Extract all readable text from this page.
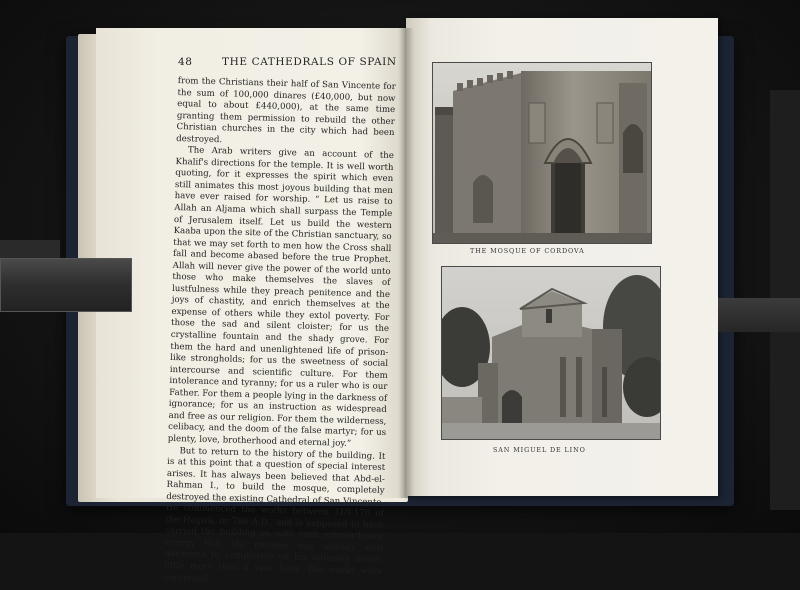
48	THE CATHEDRALS OF SPAIN

from the Christians their half of San Vincente for the sum of 100,000 dinares (£40,000, but now equal to about £440,000), at the same time granting them permission to rebuild the other Christian churches in the city which had been destroyed.

The Arab writers give an account of the Khalif's directions for the temple. It is well worth quoting, for it expresses the spirit which even still animates this most joyous building that men have ever raised for worship. “ Let us raise to Allah an Aljama which shall surpass the Temple of Jerusalem itself. Let us build the western Kaaba upon the site of the Christian sanctuary, so that we may set forth to men how the Cross shall fall and become abased before the true Prophet. Allah will never give the power of the world unto those who make themselves the slaves of lustfulness while they preach penitence and the joys of chastity, and enrich themselves at the expense of others while they extol poverty. For those the sad and silent cloister; for us the crystalline fountain and the shady grove. For them the hard and unenlightened life of prison-like strongholds; for us the sweetness of social intercourse and scientific culture. For them intolerance and tyranny; for us a ruler who is our Father. For them a people lying in the darkness of ignorance; for us an instruction as widespread and free as our religion. For them the wilderness, celibacy, and the doom of the false martyr; for us plenty, love, brotherhood and eternal joy.”

But to return to the history of the building. It is at this point that a question of special interest arises. It has always been believed that Abd-el-Rahman I., to build the mosque, completely destroyed the existing Cathedral of San Vincente. He commenced the works between 169-170 of the Hegira, or 786 A.D., and is supposed to have carried the building on with such extraordinary energy that the mosque was already well advanced to completion on his untimely death, little more than a year later. The works were continued

THE MOSQUE OF CORDOVA
SAN MIGUEL DE LINO
